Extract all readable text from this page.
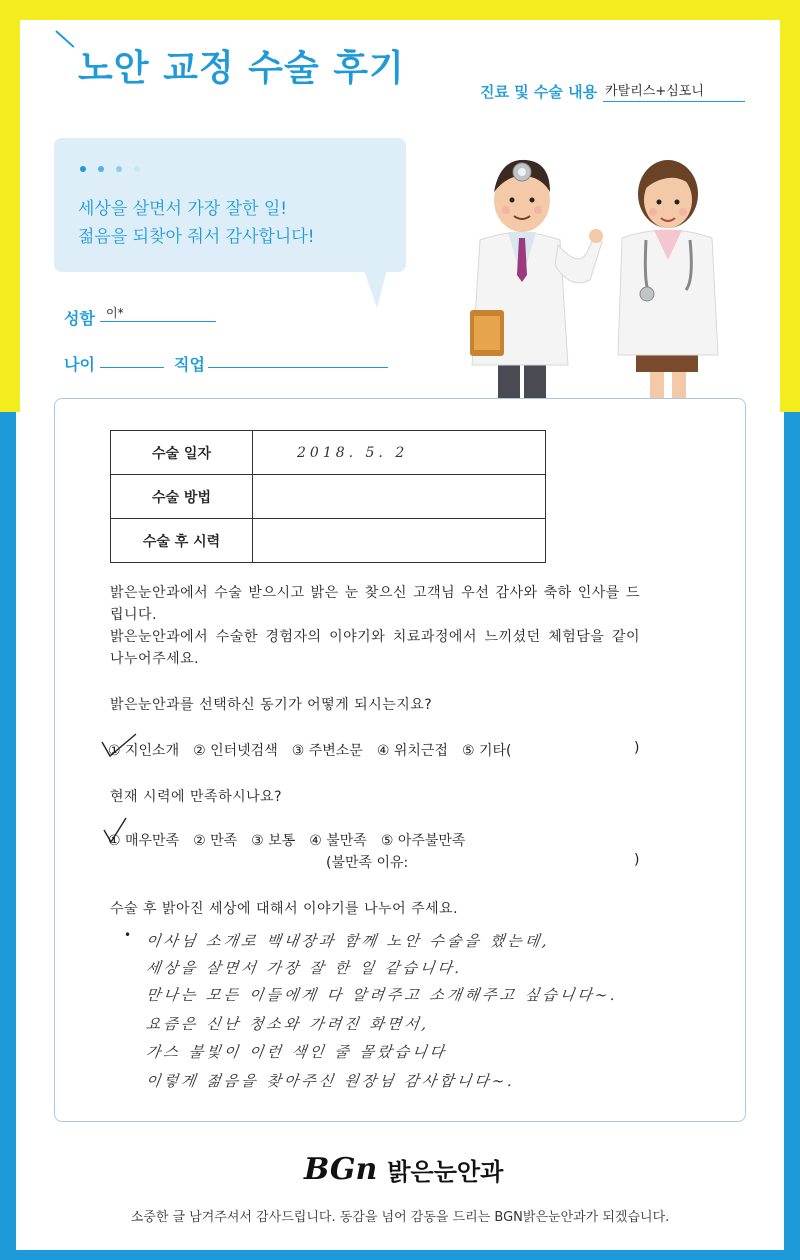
노안 교정 수술 후기
진료 및 수술 내용 카탈리스+심포니
세상을 살면서 가장 잘한 일!
젊음을 되찾아 줘서 감사합니다!
성함 이*
나이	직업
수술 일자	2018. 5. 2
수술 방법	
수술 후 시력	
밝은눈안과에서 수술 받으시고 밝은 눈 찾으신 고객님 우선 감사와 축하 인사를 드립니다.
밝은눈안과에서 수술한 경험자의 이야기와 치료과정에서 느끼셨던 체험담을 같이 나누어주세요.
밝은눈안과를 선택하신 동기가 어떻게 되시는지요?
① 지인소개 ② 인터넷검색 ③ 주변소문 ④ 위치근접 ⑤ 기타(	)
현재 시력에 만족하시나요?
① 매우만족 ② 만족 ③ 보통 ④ 불만족 ⑤ 아주불만족
(불만족 이유:	)
수술 후 밝아진 세상에 대해서 이야기를 나누어 주세요.
• 이사님 소개로 백내장과 함께 노안 수술을 했는데,
세상을 살면서 가장 잘 한 일 같습니다.
만나는 모든 이들에게 다 알려주고 소개해주고 싶습니다~.
요즘은 신난 청소와 가려진 화면서,
가스 불빛이 이런 색인 줄 몰랐습니다
이렇게 젊음을 찾아주신 원장님 감사합니다~.
BGn 밝은눈안과
소중한 글 남겨주셔서 감사드립니다. 동감을 넘어 감동을 드리는 BGN밝은눈안과가 되겠습니다.
